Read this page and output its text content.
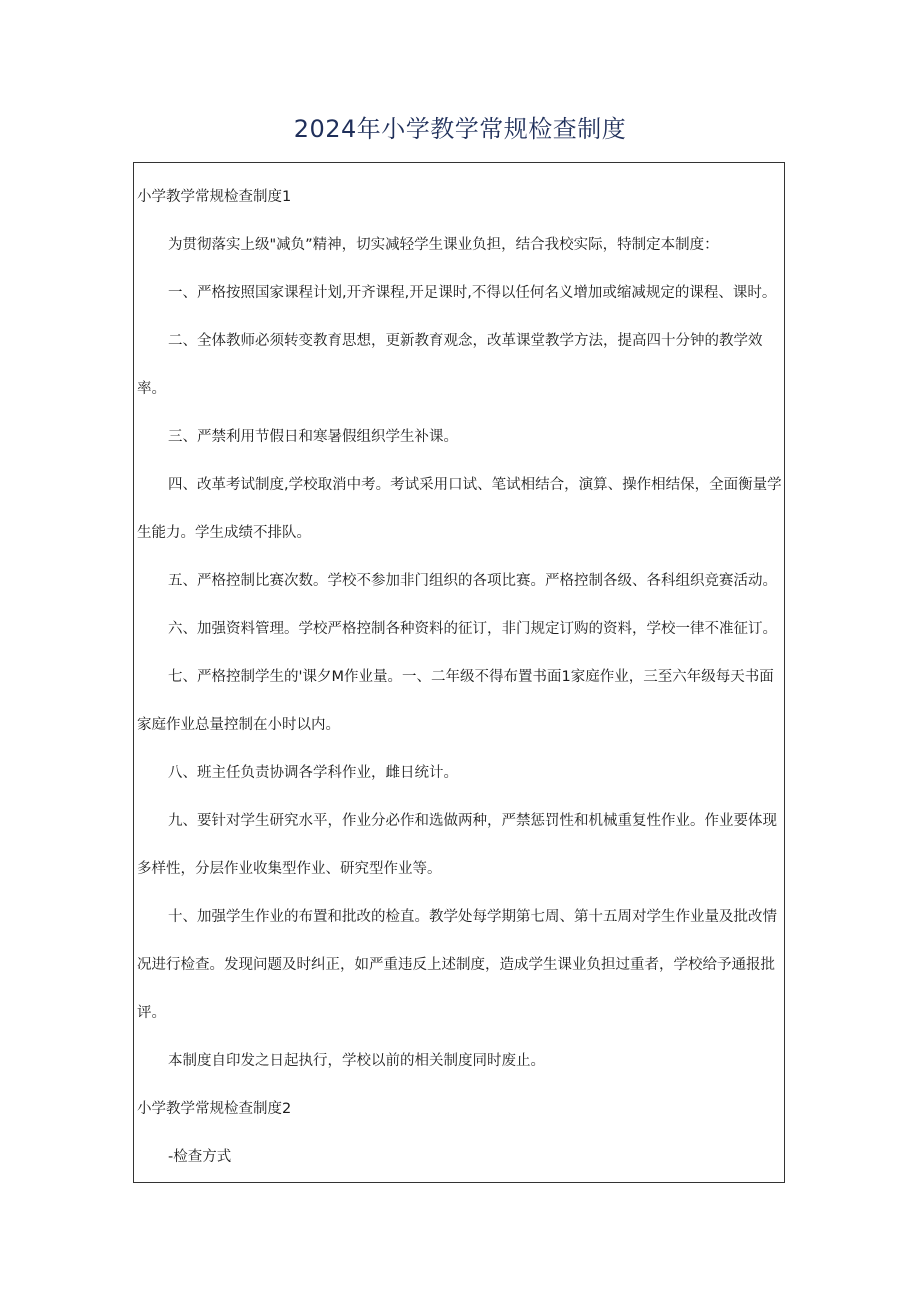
2024年小学教学常规检查制度

小学教学常规检查制度1

为贯彻落实上级"减负”精神，切实减轻学生课业负担，结合我校实际，特制定本制度：

一、严格按照国家课程计划,开齐课程,开足课时,不得以任何名义增加或缩减规定的课程、课时。

二、全体教师必须转变教育思想，更新教育观念，改革课堂教学方法，提高四十分钟的教学效

率。

三、严禁利用节假日和寒暑假组织学生补课。

四、改革考试制度,学校取消中考。考试采用口试、笔试相结合，演算、操作相结保，全面衡量学

生能力。学生成绩不排队。

五、严格控制比赛次数。学校不参加非门组织的各项比赛。严格控制各级、各科组织竞赛活动。

六、加强资料管理。学校严格控制各种资料的征订，非门规定订购的资料，学校一律不准征订。

七、严格控制学生的'课夕M作业量。一、二年级不得布置书面1家庭作业，三至六年级每天书面

家庭作业总量控制在小时以内。

八、班主任负责协调各学科作业，雌日统计。

九、要针对学生研究水平，作业分必作和选做两种，严禁惩罚性和机械重复性作业。作业要体现

多样性，分层作业收集型作业、研究型作业等。

十、加强学生作业的布置和批改的检直。教学处每学期第七周、第十五周对学生作业量及批改情

况进行检查。发现问题及时纠正，如严重违反上述制度，造成学生课业负担过重者，学校给予通报批

评。

本制度自印发之日起执行，学校以前的相关制度同时废止。

小学教学常规检查制度2

-检查方式
